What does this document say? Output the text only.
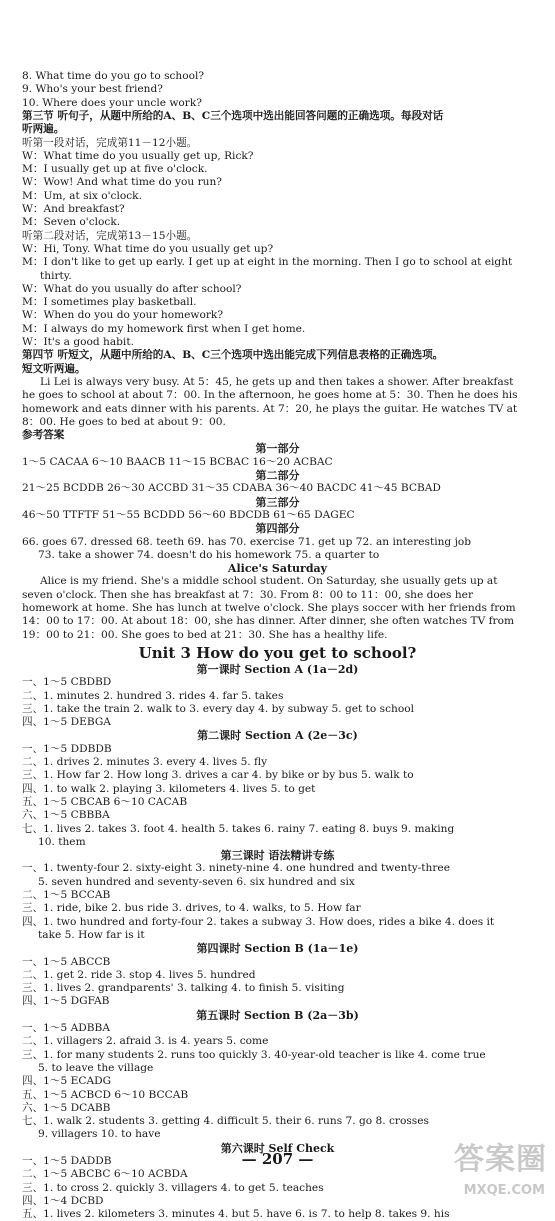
8. What time do you go to school?
9. Who's your best friend?
10. Where does your uncle work?
第三节 听句子，从题中所给的A、B、C三个选项中选出能回答问题的正确选项。每段对话
听两遍。
听第一段对话，完成第11－12小题。
W：What time do you usually get up, Rick?
M：I usually get up at five o'clock.
W：Wow! And what time do you run?
M：Um, at six o'clock.
W：And breakfast?
M：Seven o'clock.
听第二段对话，完成第13－15小题。
W：Hi, Tony. What time do you usually get up?
M：I don't like to get up early. I get up at eight in the morning. Then I go to school at eight
thirty.
W：What do you usually do after school?
M：I sometimes play basketball.
W：When do you do your homework?
M：I always do my homework first when I get home.
W：It's a good habit.
第四节 听短文，从题中所给的A、B、C三个选项中选出能完成下列信息表格的正确选项。
短文听两遍。
Li Lei is always very busy. At 5：45, he gets up and then takes a shower. After breakfast
he goes to school at about 7：00. In the afternoon, he goes home at 5：30. Then he does his
homework and eats dinner with his parents. At 7：20, he plays the guitar. He watches TV at
8：00. He goes to bed at about 9：00.
参考答案
第一部分
1～5 CACAA 6～10 BAACB 11～15 BCBAC 16～20 ACBAC
第二部分
21～25 BCDDB 26～30 ACCBD 31～35 CDABA 36～40 BACDC 41～45 BCBAD
第三部分
46～50 TTFTF 51～55 BCDDD 56～60 BDCDB 61～65 DAGEC
第四部分
66. goes 67. dressed 68. teeth 69. has 70. exercise 71. get up 72. an interesting job
73. take a shower 74. doesn't do his homework 75. a quarter to
Alice's Saturday
Alice is my friend. She's a middle school student. On Saturday, she usually gets up at
seven o'clock. Then she has breakfast at 7：30. From 8：00 to 11：00, she does her
homework at home. She has lunch at twelve o'clock. She plays soccer with her friends from
14：00 to 17：00. At about 18：00, she has dinner. After dinner, she often watches TV from
19：00 to 21：00. She goes to bed at 21：30. She has a healthy life.
Unit 3 How do you get to school?
第一课时 Section A (1a－2d)
一、1～5 CBDBD
二、1. minutes 2. hundred 3. rides 4. far 5. takes
三、1. take the train 2. walk to 3. every day 4. by subway 5. get to school
四、1～5 DEBGA
第二课时 Section A (2e－3c)
一、1～5 DDBDB
二、1. drives 2. minutes 3. every 4. lives 5. fly
三、1. How far 2. How long 3. drives a car 4. by bike or by bus 5. walk to
四、1. to walk 2. playing 3. kilometers 4. lives 5. to get
五、1～5 CBCAB 6～10 CACAB
六、1～5 CBBBA
七、1. lives 2. takes 3. foot 4. health 5. takes 6. rainy 7. eating 8. buys 9. making
10. them
第三课时 语法精讲专练
一、1. twenty-four 2. sixty-eight 3. ninety-nine 4. one hundred and twenty-three
5. seven hundred and seventy-seven 6. six hundred and six
二、1～5 BCCAB
三、1. ride, bike 2. bus ride 3. drives, to 4. walks, to 5. How far
四、1. two hundred and forty-four 2. takes a subway 3. How does, rides a bike 4. does it
take 5. How far is it
第四课时 Section B (1a－1e)
一、1～5 ABCCB
二、1. get 2. ride 3. stop 4. lives 5. hundred
三、1. lives 2. grandparents' 3. talking 4. to finish 5. visiting
四、1～5 DGFAB
第五课时 Section B (2a－3b)
一、1～5 ADBBA
二、1. villagers 2. afraid 3. is 4. years 5. come
三、1. for many students 2. runs too quickly 3. 40-year-old teacher is like 4. come true
5. to leave the village
四、1～5 ECADG
五、1～5 ACBCD 6～10 BCCAB
六、1～5 DCABB
七、1. walk 2. students 3. getting 4. difficult 5. their 6. runs 7. go 8. crosses
9. villagers 10. to have
第六课时 Self Check
一、1～5 DADDB
二、1～5 ABCBC 6～10 ACBDA
三、1. to cross 2. quickly 3. villagers 4. to get 5. teaches
四、1～4 DCBD
五、1. lives 2. kilometers 3. minutes 4. but 5. have 6. is 7. to help 8. takes 9. his
— 207 —	答案圈
MXQE.COM
